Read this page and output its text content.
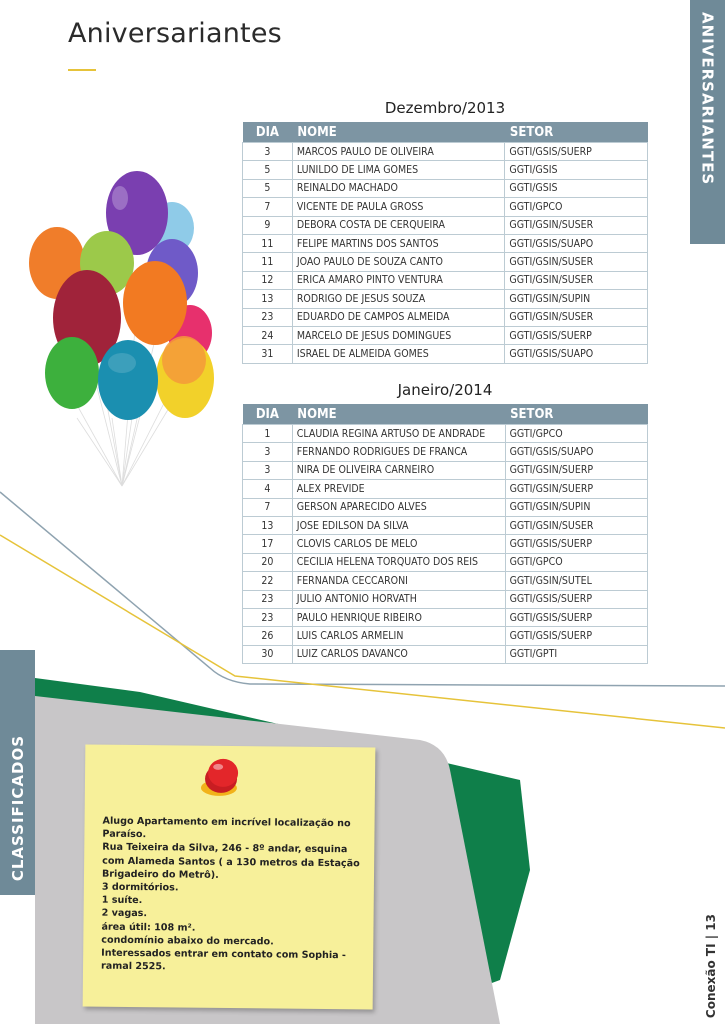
Aniversariantes	ANIVERSARIANTES
Dezembro/2013
DIA	NOME	SETOR
3	MARCOS PAULO DE OLIVEIRA	GGTI/GSIS/SUERP
5	LUNILDO DE LIMA GOMES	GGTI/GSIS
5	REINALDO MACHADO	GGTI/GSIS
7	VICENTE DE PAULA GROSS	GGTI/GPCO
9	DEBORA COSTA DE CERQUEIRA	GGTI/GSIN/SUSER
11	FELIPE MARTINS DOS SANTOS	GGTI/GSIS/SUAPO
11	JOAO PAULO DE SOUZA CANTO	GGTI/GSIN/SUSER
12	ERICA AMARO PINTO VENTURA	GGTI/GSIN/SUSER
13	RODRIGO DE JESUS SOUZA	GGTI/GSIN/SUPIN
23	EDUARDO DE CAMPOS ALMEIDA	GGTI/GSIN/SUSER
24	MARCELO DE JESUS DOMINGUES	GGTI/GSIS/SUERP
31	ISRAEL DE ALMEIDA GOMES	GGTI/GSIS/SUAPO
Janeiro/2014
DIA	NOME	SETOR
1	CLAUDIA REGINA ARTUSO DE ANDRADE	GGTI/GPCO
3	FERNANDO RODRIGUES DE FRANCA	GGTI/GSIS/SUAPO
3	NIRA DE OLIVEIRA CARNEIRO	GGTI/GSIN/SUERP
4	ALEX PREVIDE	GGTI/GSIN/SUERP
7	GERSON APARECIDO ALVES	GGTI/GSIN/SUPIN
13	JOSE EDILSON DA SILVA	GGTI/GSIN/SUSER
17	CLOVIS CARLOS DE MELO	GGTI/GSIS/SUERP
20	CECILIA HELENA TORQUATO DOS REIS	GGTI/GPCO
22	FERNANDA CECCARONI	GGTI/GSIN/SUTEL
23	JULIO ANTONIO HORVATH	GGTI/GSIS/SUERP
23	PAULO HENRIQUE RIBEIRO	GGTI/GSIS/SUERP
26	LUIS CARLOS ARMELIN	GGTI/GSIS/SUERP
30	LUIZ CARLOS DAVANCO	GGTI/GPTI
CLASSIFICADOS	Alugo Apartamento em incrível localização no
Paraíso.
Rua Teixeira da Silva, 246 - 8º andar, esquina
com Alameda Santos ( a 130 metros da Estação
Brigadeiro do Metrô).
3 dormitórios.
1 suíte.
2 vagas.
área útil: 108 m².
condomínio abaixo do mercado.
Interessados entrar em contato com Sophia -
ramal 2525.	Conexão TI | 13
